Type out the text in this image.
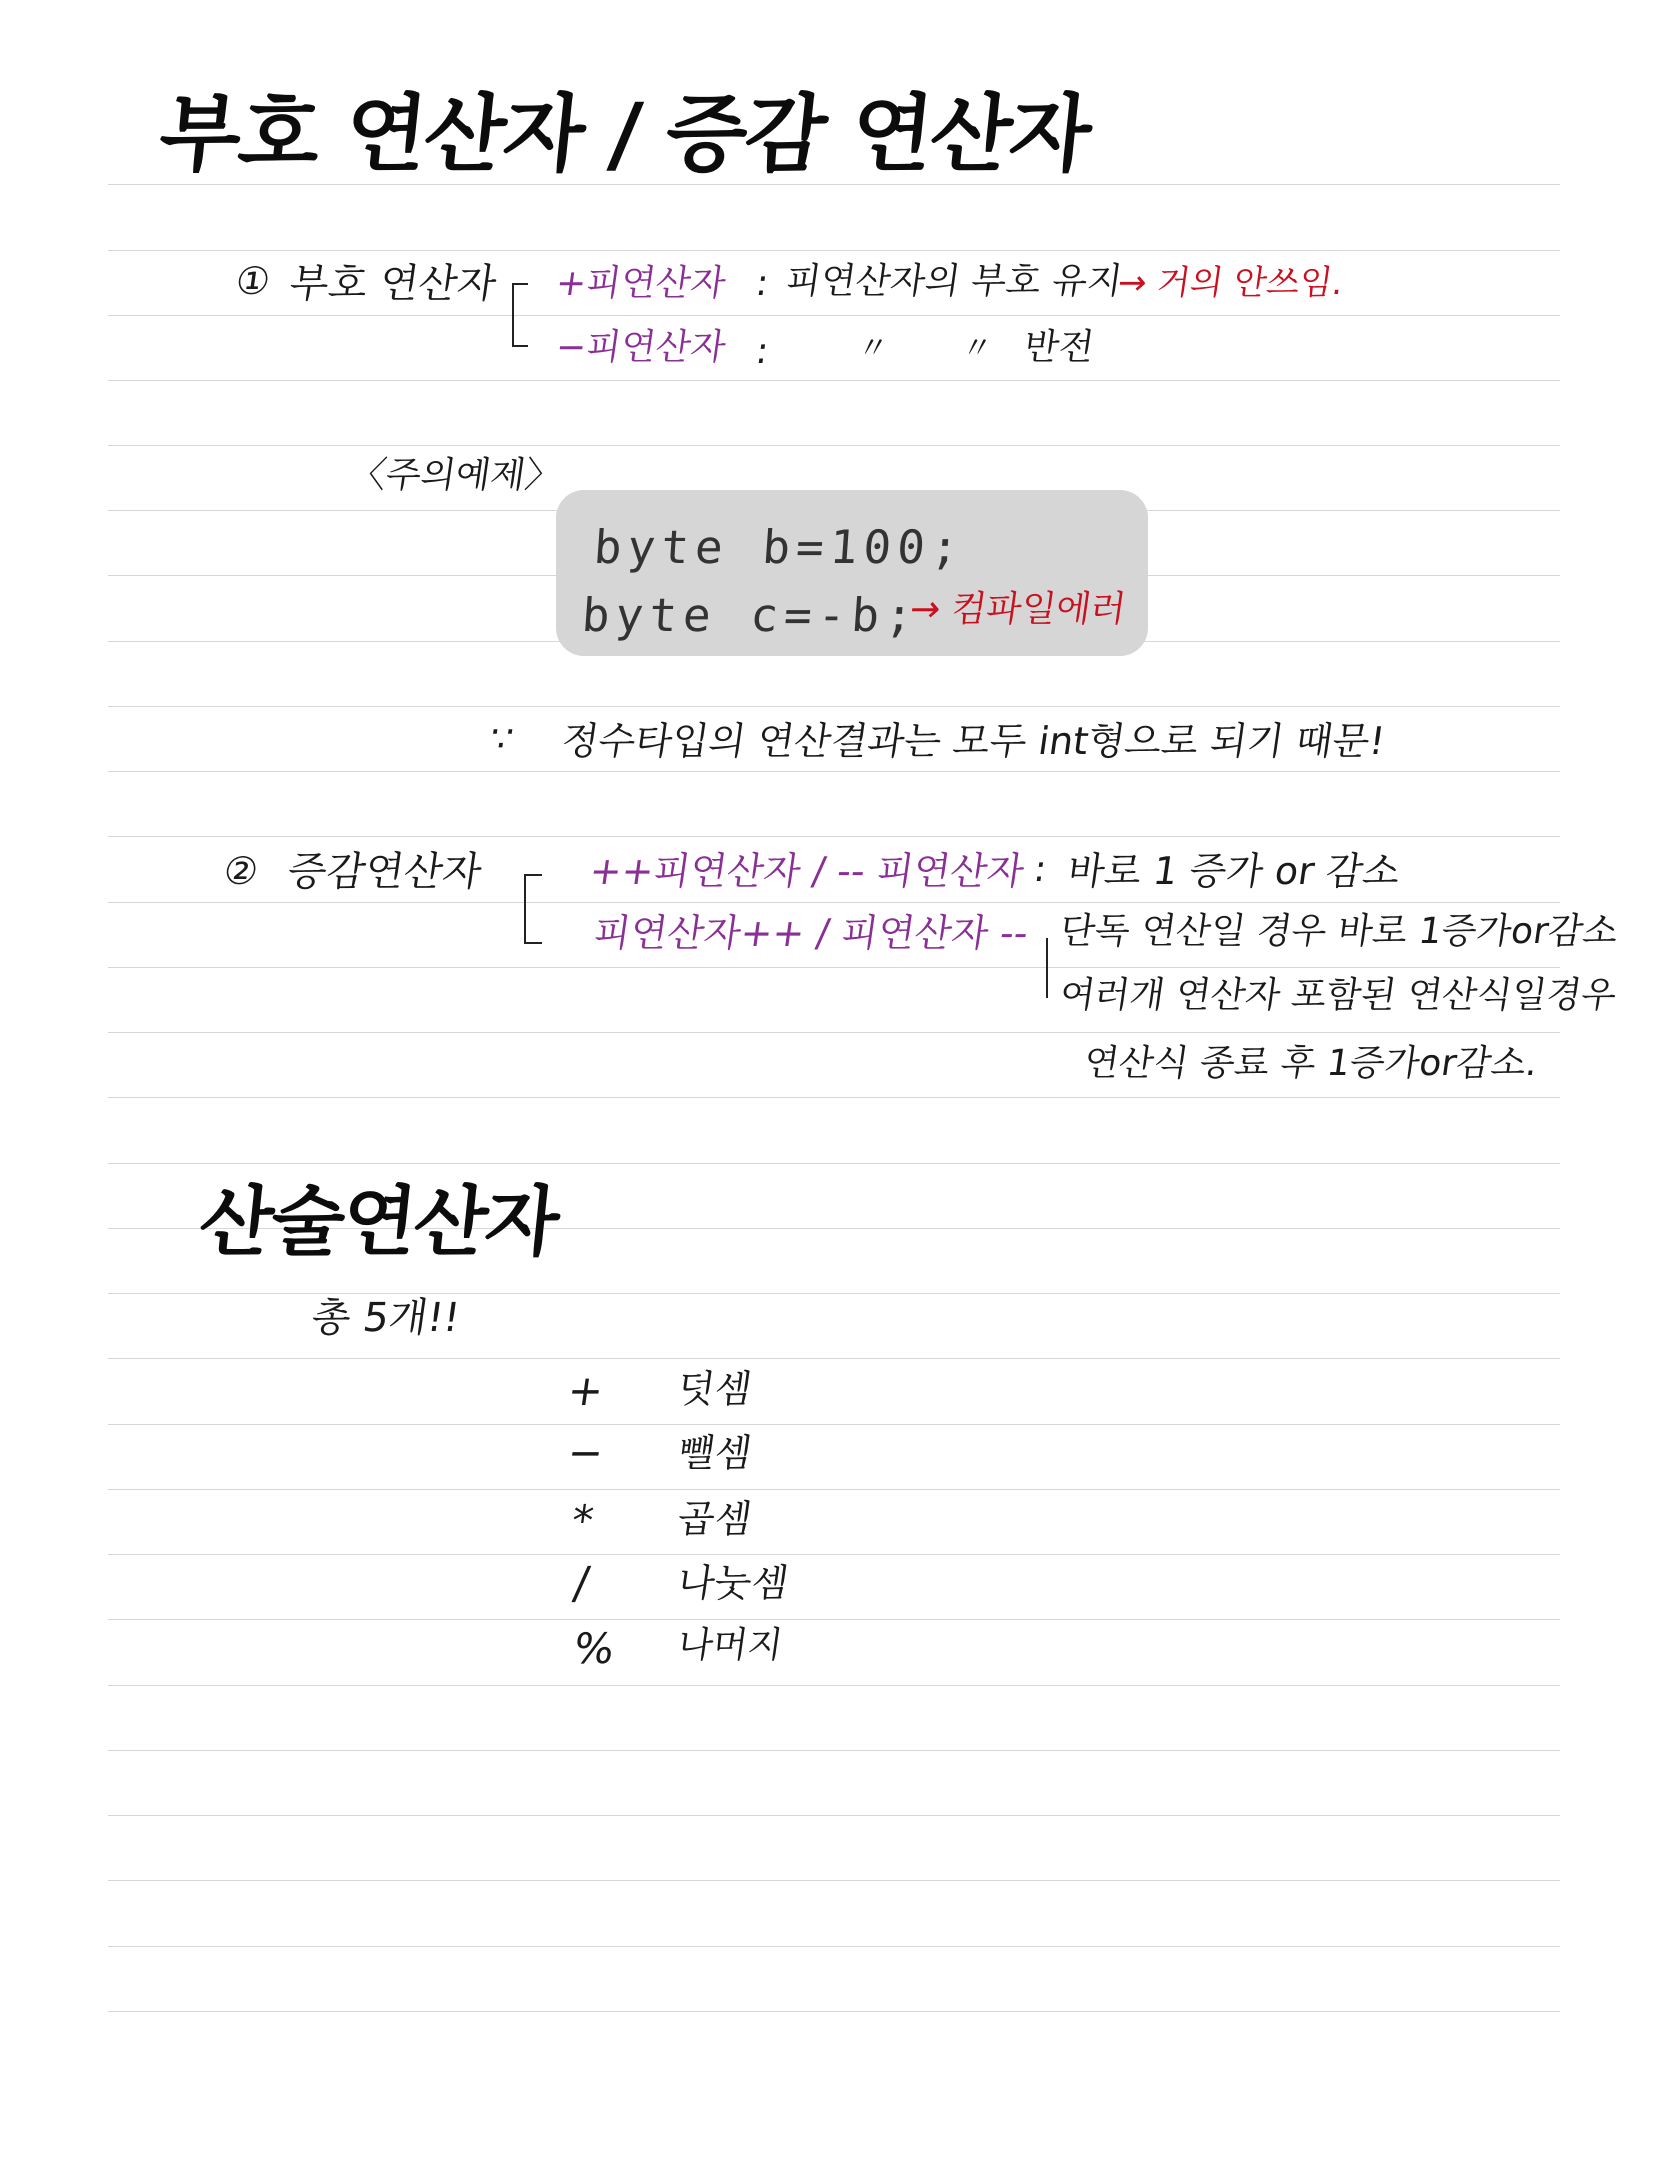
부호 연산자 / 증감 연산자
① 부호 연산자 +피연산자 : 피연산자의 부호 유지
→ 거의 안쓰임.
−피연산자 :	〃 〃 반전
〈주의예제〉
byte b=100;
byte c=-b;
→ 컴파일에러
∵ 정수타입의 연산결과는 모두 int형으로 되기 때문!
② 증감연산자	++피연산자 / -- 피연산자 : 바로 1 증가 or 감소
피연산자++ / 피연산자 -- 단독 연산일 경우 바로 1증가or감소
여러개 연산자 포함된 연산식일경우
연산식 종료 후 1증가or감소.
산술연산자
총 5개!!
+ 덧셈
− 뺄셈
* 곱셈
/ 나눗셈
% 나머지
